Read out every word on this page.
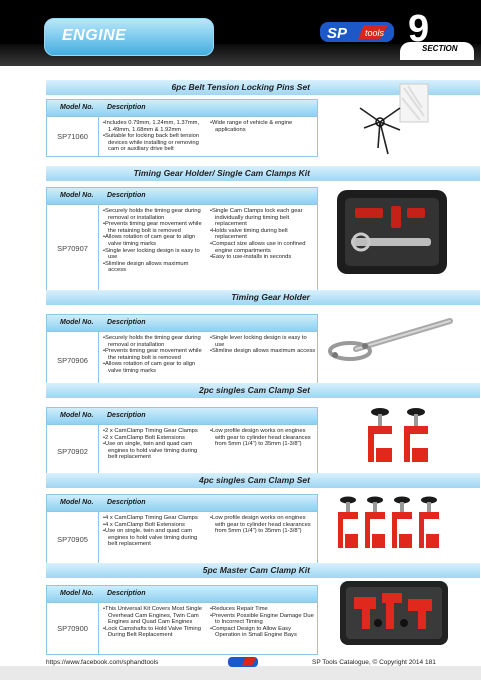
ENGINE	SP tools 9
SECTION
6pc Belt Tension Locking Pins Set
Model No. Description
SP71060
• Includes 0.79mm, 1.24mm, 1.37mm, 1.49mm, 1.68mm & 1.92mm
• Suitable for locking back belt tension devices while installing or removing cam or auxiliary drive belt
• Wide range of vehicle & engine applications
Timing Gear Holder/ Single Cam Clamps Kit
Model No. Description
SP70907
• Securely holds the timing gear during removal or installation
• Prevents timing gear movement while the retaining bolt is removed
• Allows rotation of cam gear to align valve timing marks
• Single lever locking design is easy to use
• Slimline design allows maximum access
• Single Cam Clamps lock each gear individually during timing belt replacement
• Holds valve timing during belt replacement
• Compact size allows use in confined engine compartments
• Easy to use-installs in seconds
Timing Gear Holder
Model No. Description
SP70906
• Securely holds the timing gear during removal or installation
• Prevents timing gear movement while the retaining bolt is removed
• Allows rotation of cam gear to align valve timing marks
• Single lever locking design is easy to use
• Slimline design allows maximum access
2pc singles Cam Clamp Set
Model No. Description
SP70902
• 2 x CamClamp Timing Gear Clamps
• 2 x CamClamp Bolt Extensions
• Use on single, twin and quad cam engines to hold valve timing during belt replacement
• Low profile design works on engines with gear to cylinder head clearances from 5mm (1/4") to 35mm (1-3/8")
4pc singles Cam Clamp Set
Model No. Description
SP70905
• 4 x CamClamp Timing Gear Clamps
• 4 x CamClamp Bolt Extensions
• Use on single, twin and quad cam engines to hold valve timing during belt replacement
• Low profile design works on engines with gear to cylinder head clearances from 5mm (1/4") to 35mm (1-3/8")
5pc Master Cam Clamp Kit
Model No. Description
SP70900
• This Universal Kit Covers Most Single Overhead Cam Engines, Twin Cam Engines and Quad Cam Engines
• Lock Camshafts to Hold Valve Timing During Belt Replacement
• Reduces Repair Time
• Prevents Possible Engine Damage Due to Incorrect Timing
• Compact Design to Allow Easy Operation in Small Engine Bays
https://www.facebook.com/sphandtools	SP Tools Catalogue, © Copyright 2014 181
